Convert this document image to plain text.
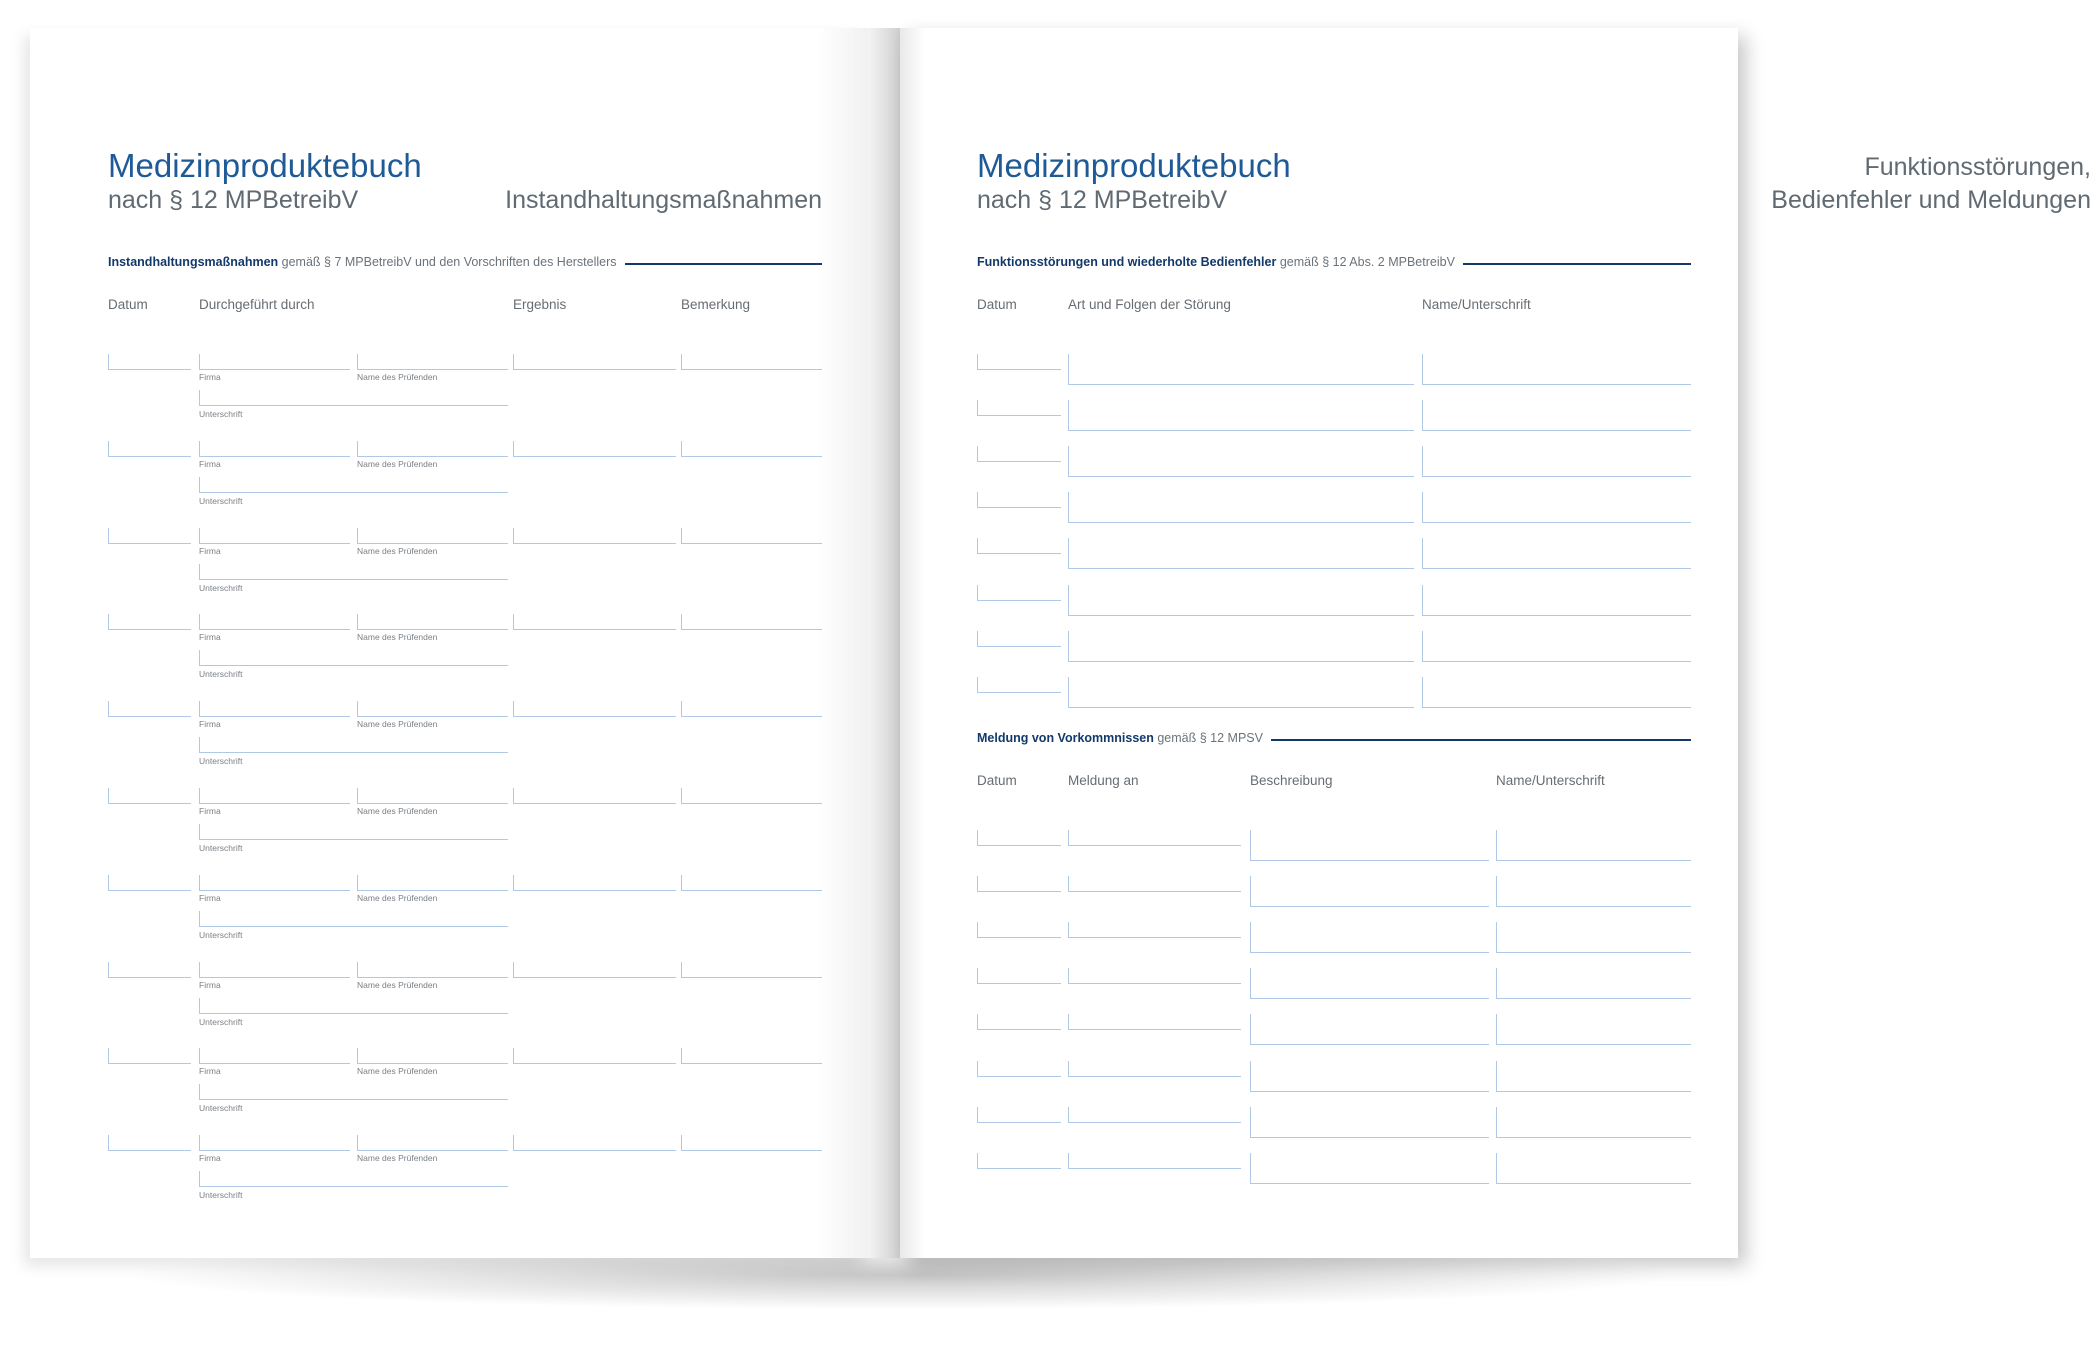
Medizinproduktebuch
nach § 12 MPBetreibV	Instandhaltungsmaßnahmen
Instandhaltungsmaßnahmen gemäß § 7 MPBetreibV und den Vorschriften des Herstellers
Datum	Durchgeführt durch	Ergebnis	Bemerkung
Firma	Name des Prüfenden
Unterschrift
Firma	Name des Prüfenden
Unterschrift
Firma	Name des Prüfenden
Unterschrift
Firma	Name des Prüfenden
Unterschrift
Firma	Name des Prüfenden
Unterschrift
Firma	Name des Prüfenden
Unterschrift
Firma	Name des Prüfenden
Unterschrift
Firma	Name des Prüfenden
Unterschrift
Firma	Name des Prüfenden
Unterschrift
Firma	Name des Prüfenden
Unterschrift
Medizinproduktebuch
nach § 12 MPBetreibV
Funktionsstörungen,
Bedienfehler und Meldungen
Funktionsstörungen und wiederholte Bedienfehler gemäß § 12 Abs. 2 MPBetreibV
Datum	Art und Folgen der Störung	Name/Unterschrift
Meldung von Vorkommnissen gemäß § 12 MPSV
Datum	Meldung an	Beschreibung	Name/Unterschrift
